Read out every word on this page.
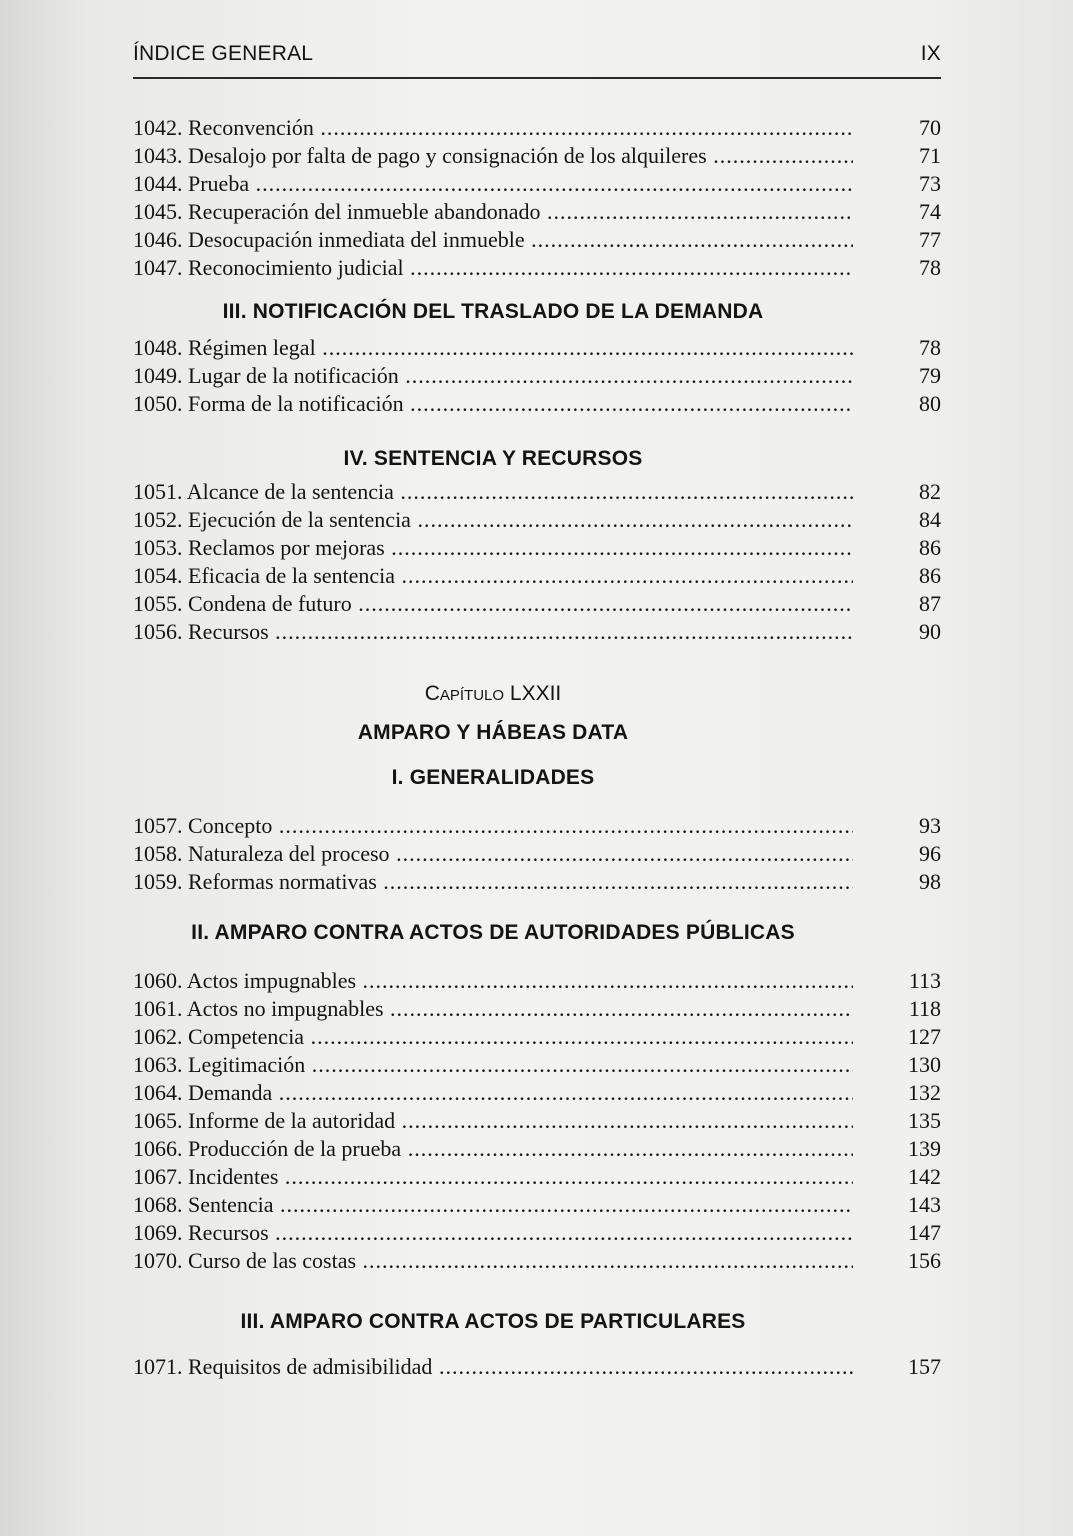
ÍNDICE GENERAL	IX
1042. Reconvención .....	70
1043. Desalojo por falta de pago y consignación de los alquileres .....	71
1044. Prueba .....	73
1045. Recuperación del inmueble abandonado .....	74
1046. Desocupación inmediata del inmueble .....	77
1047. Reconocimiento judicial .....	78
III. NOTIFICACIÓN DEL TRASLADO DE LA DEMANDA
1048. Régimen legal .....	78
1049. Lugar de la notificación .....	79
1050. Forma de la notificación .....	80
IV. SENTENCIA Y RECURSOS
1051. Alcance de la sentencia .....	82
1052. Ejecución de la sentencia .....	84
1053. Reclamos por mejoras .....	86
1054. Eficacia de la sentencia .....	86
1055. Condena de futuro .....	87
1056. Recursos .....	90
Capítulo LXXII
AMPARO Y HÁBEAS DATA
I. GENERALIDADES
1057. Concepto .....	93
1058. Naturaleza del proceso .....	96
1059. Reformas normativas .....	98
II. AMPARO CONTRA ACTOS DE AUTORIDADES PÚBLICAS
1060. Actos impugnables .....	113
1061. Actos no impugnables .....	118
1062. Competencia .....	127
1063. Legitimación .....	130
1064. Demanda .....	132
1065. Informe de la autoridad .....	135
1066. Producción de la prueba .....	139
1067. Incidentes .....	142
1068. Sentencia .....	143
1069. Recursos .....	147
1070. Curso de las costas .....	156
III. AMPARO CONTRA ACTOS DE PARTICULARES
1071. Requisitos de admisibilidad .....	157
